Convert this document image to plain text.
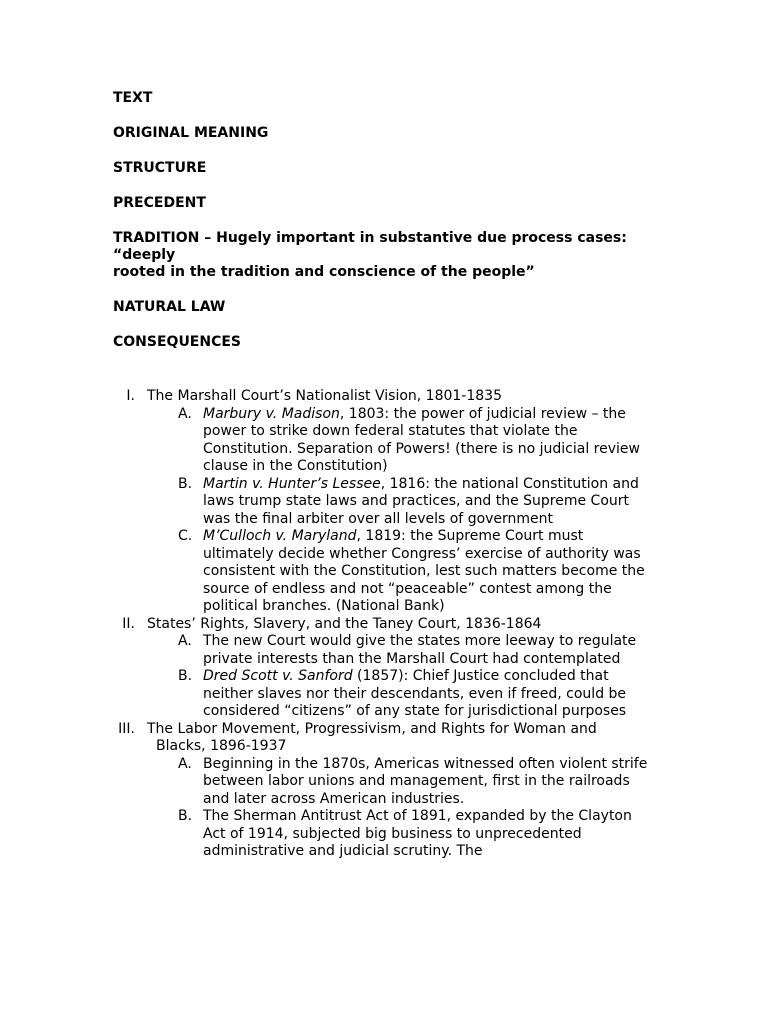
TEXT

ORIGINAL MEANING

STRUCTURE

PRECEDENT

TRADITION – Hugely important in substantive due process cases: “deeply
rooted in the tradition and conscience of the people”

NATURAL LAW

CONSEQUENCES

I. The Marshall Court’s Nationalist Vision, 1801-1835
A. Marbury v. Madison, 1803: the power of judicial review – the power to strike down federal statutes that violate the Constitution. Separation of Powers! (there is no judicial review clause in the Constitution)
B. Martin v. Hunter’s Lessee, 1816: the national Constitution and laws trump state laws and practices, and the Supreme Court was the final arbiter over all levels of government
C. M’Culloch v. Maryland, 1819: the Supreme Court must ultimately decide whether Congress’ exercise of authority was consistent with the Constitution, lest such matters become the source of endless and not “peaceable” contest among the political branches. (National Bank)
II. States’ Rights, Slavery, and the Taney Court, 1836-1864
A. The new Court would give the states more leeway to regulate private interests than the Marshall Court had contemplated
B. Dred Scott v. Sanford (1857): Chief Justice concluded that neither slaves nor their descendants, even if freed, could be considered “citizens” of any state for jurisdictional purposes
III. The Labor Movement, Progressivism, and Rights for Woman and
Blacks, 1896-1937
A. Beginning in the 1870s, Americas witnessed often violent strife between labor unions and management, first in the railroads and later across American industries.
B. The Sherman Antitrust Act of 1891, expanded by the Clayton Act of 1914, subjected big business to unprecedented administrative and judicial scrutiny. The
